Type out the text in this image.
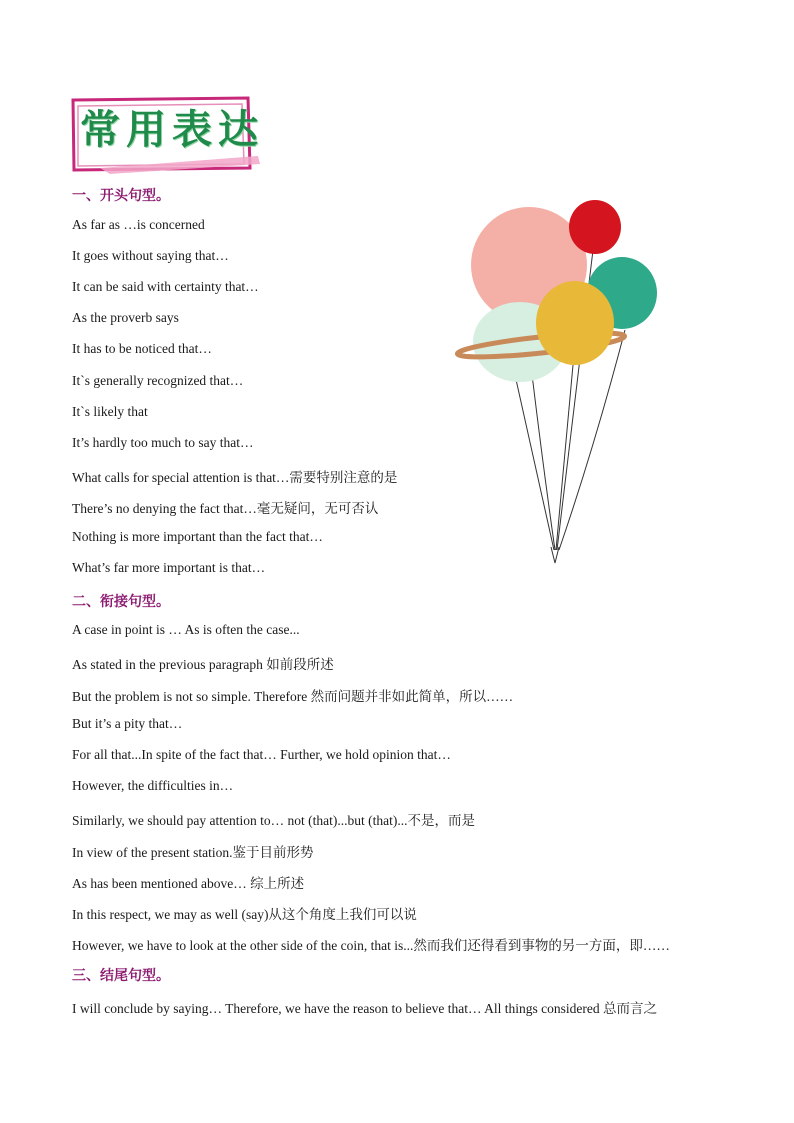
常用表达
一、开头句型。
As far as …is concerned
It goes without saying that…
It can be said with certainty that…
As the proverb says
It has to be noticed that…
It`s generally recognized that…
It`s likely that
It’s hardly too much to say that…
What calls for special attention is that…需要特别注意的是
There’s no denying the fact that…毫无疑问，无可否认
Nothing is more important than the fact that…
What’s far more important is that…
二、衔接句型。
A case in point is … As is often the case...
As stated in the previous paragraph 如前段所述
But the problem is not so simple. Therefore 然而问题并非如此简单，所以……
But it’s a pity that…
For all that...In spite of the fact that… Further, we hold opinion that…
However, the difficulties in…
Similarly, we should pay attention to… not (that)...but (that)...不是，而是
In view of the present station.鉴于目前形势
As has been mentioned above… 综上所述
In this respect, we may as well (say)从这个角度上我们可以说
However, we have to look at the other side of the coin, that is...然而我们还得看到事物的另一方面，即……
三、结尾句型。
I will conclude by saying… Therefore, we have the reason to believe that… All things considered 总而言之
